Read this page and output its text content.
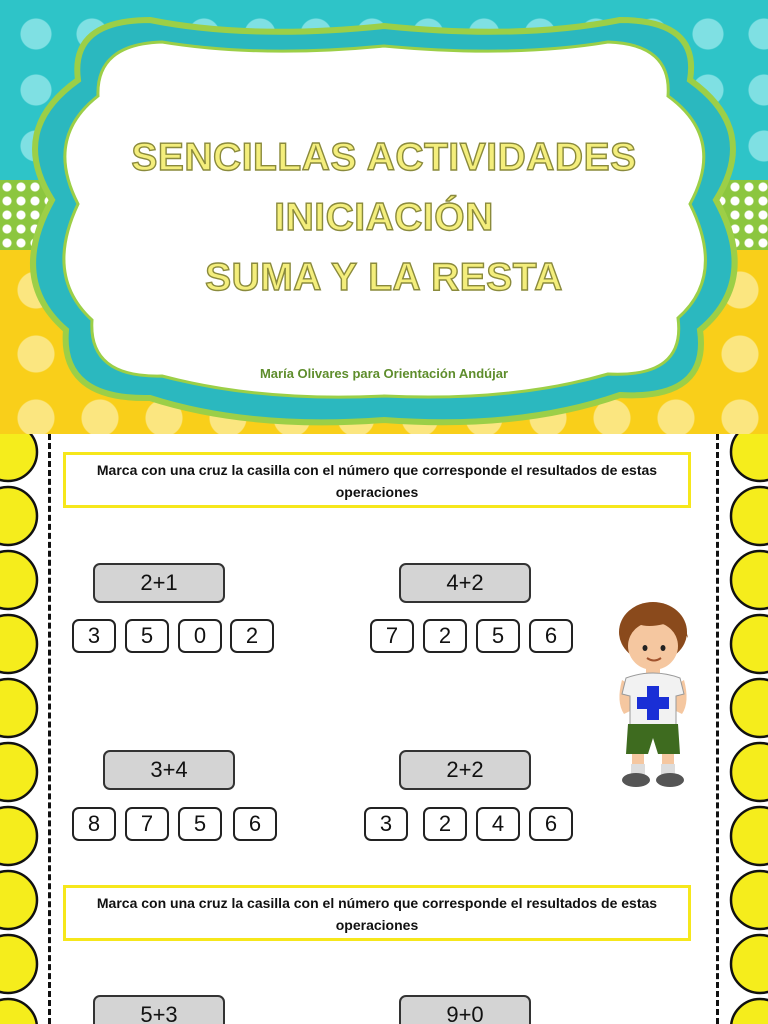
SENCILLAS ACTIVIDADES
INICIACIÓN
SUMA Y LA RESTA
María Olivares para Orientación Andújar
Marca con una cruz la casilla con el número que corresponde el resultados de estas operaciones
2+1
3	5	0	2
4+2
7	2	5	6
3+4
8	7	5	6
2+2
3	2	4	6
Marca con una cruz la casilla con el número que corresponde el resultados de estas operaciones
5+3	9+0
